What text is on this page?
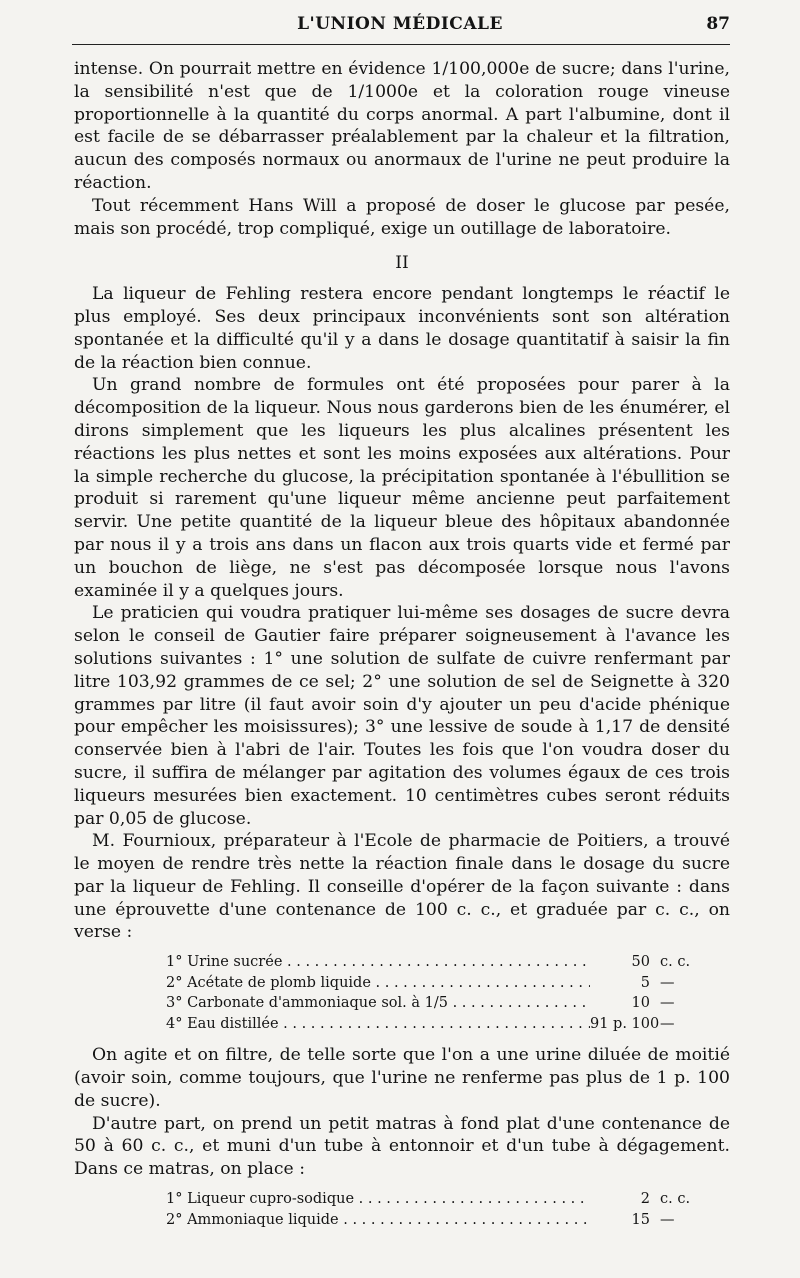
L'UNION MÉDICALE	87

intense. On pourrait mettre en évidence 1/100,000e de sucre; dans l'urine, la sensibilité n'est que de 1/1000e et la coloration rouge vineuse proportionnelle à la quantité du corps anormal. A part l'albumine, dont il est facile de se débarrasser préalablement par la chaleur et la filtration, aucun des composés normaux ou anormaux de l'urine ne peut produire la réaction.

Tout récemment Hans Will a proposé de doser le glucose par pesée, mais son procédé, trop compliqué, exige un outillage de laboratoire.

II

La liqueur de Fehling restera encore pendant longtemps le réactif le plus employé. Ses deux principaux inconvénients sont son altération spontanée et la difficulté qu'il y a dans le dosage quantitatif à saisir la fin de la réaction bien connue.

Un grand nombre de formules ont été proposées pour parer à la décomposition de la liqueur. Nous nous garderons bien de les énumérer, el dirons simplement que les liqueurs les plus alcalines présentent les réactions les plus nettes et sont les moins exposées aux altérations. Pour la simple recherche du glucose, la précipitation spontanée à l'ébullition se produit si rarement qu'une liqueur même ancienne peut parfaitement servir. Une petite quantité de la liqueur bleue des hôpitaux abandonnée par nous il y a trois ans dans un flacon aux trois quarts vide et fermé par un bouchon de liège, ne s'est pas décomposée lorsque nous l'avons examinée il y a quelques jours.

Le praticien qui voudra pratiquer lui-même ses dosages de sucre devra selon le conseil de Gautier faire préparer soigneusement à l'avance les solutions suivantes : 1° une solution de sulfate de cuivre renfermant par litre 103,92 grammes de ce sel; 2° une solution de sel de Seignette à 320 grammes par litre (il faut avoir soin d'y ajouter un peu d'acide phénique pour empêcher les moisissures); 3° une lessive de soude à 1,17 de densité conservée bien à l'abri de l'air. Toutes les fois que l'on voudra doser du sucre, il suffira de mélanger par agitation des volumes égaux de ces trois liqueurs mesurées bien exactement. 10 centimètres cubes seront réduits par 0,05 de glucose.

M. Fournioux, préparateur à l'Ecole de pharmacie de Poitiers, a trouvé le moyen de rendre très nette la réaction finale dans le dosage du sucre par la liqueur de Fehling. Il conseille d'opérer de la façon suivante : dans une éprouvette d'une contenance de 100 c. c., et graduée par c. c., on verse :

1° Urine sucrée . . .	50 c. c.
2° Acétate de plomb liquide . . .	5 —
3° Carbonate d'ammoniaque sol. à 1/5 . . .	10 —
4° Eau distillée . . .	91 p. 100 —

On agite et on filtre, de telle sorte que l'on a une urine diluée de moitié (avoir soin, comme toujours, que l'urine ne renferme pas plus de 1 p. 100 de sucre).

D'autre part, on prend un petit matras à fond plat d'une contenance de 50 à 60 c. c., et muni d'un tube à entonnoir et d'un tube à dégagement. Dans ce matras, on place :

1° Liqueur cupro-sodique . . .	2 c. c.
2° Ammoniaque liquide . . .	15 —
